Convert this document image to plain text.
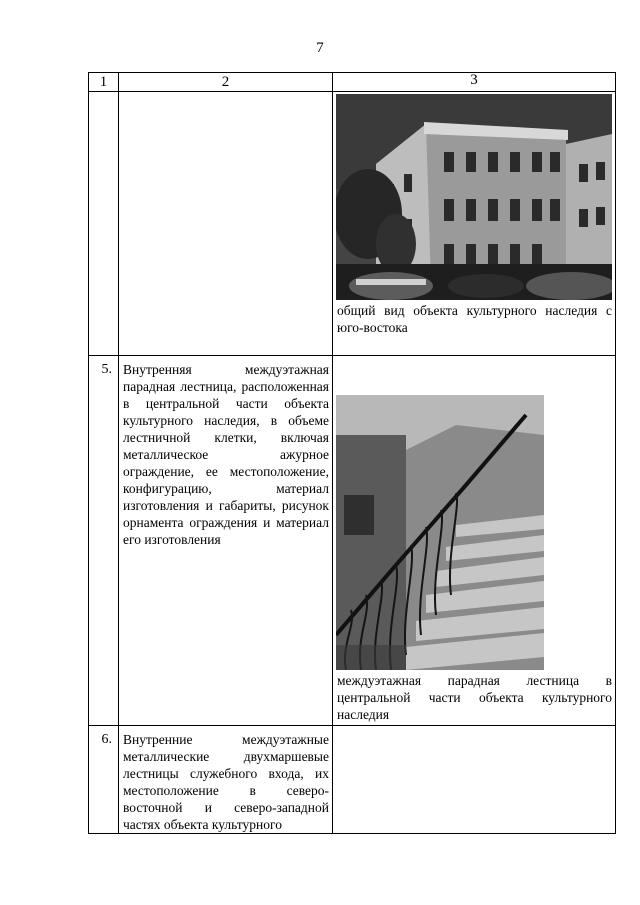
7
1	2	3

		общий вид объекта культурного наследия с юго-востока

5.	Внутренняя междуэтажная парадная лестница, расположенная в центральной части объекта культурного наследия, в объеме лестничной клетки, включая металлическое ажурное ограждение, ее местоположение, конфигурацию, материал изготовления и габариты, рисунок орнамента ограждения и материал его изготовления	междуэтажная парадная лестница в центральной части объекта культурного наследия

6.	Внутренние междуэтажные металлические двухмаршевые лестницы служебного входа, их местоположение в северо-восточной и северо-западной частях объекта культурного	
